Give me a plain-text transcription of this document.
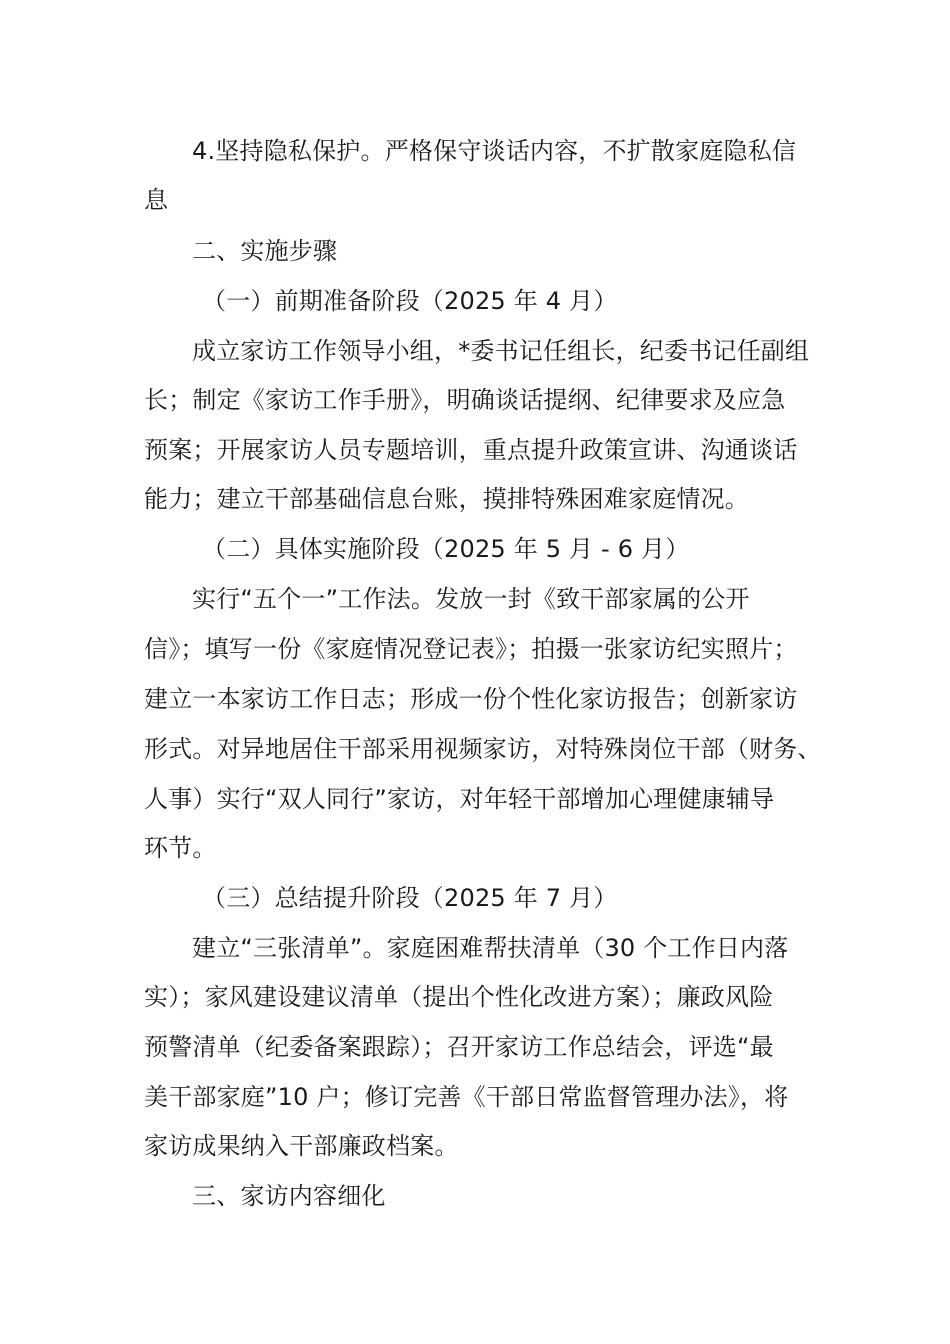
4.坚持隐私保护。严格保守谈话内容，不扩散家庭隐私信
息
二、实施步骤
（一）前期准备阶段（2025 年 4 月）
成立家访工作领导小组，*委书记任组长，纪委书记任副组
长；制定《家访工作手册》，明确谈话提纲、纪律要求及应急
预案；开展家访人员专题培训，重点提升政策宣讲、沟通谈话
能力；建立干部基础信息台账，摸排特殊困难家庭情况。
（二）具体实施阶段（2025 年 5 月 - 6 月）
实行“五个一”工作法。发放一封《致干部家属的公开
信》；填写一份《家庭情况登记表》；拍摄一张家访纪实照片；
建立一本家访工作日志；形成一份个性化家访报告；创新家访
形式。对异地居住干部采用视频家访，对特殊岗位干部（财务、
人事）实行“双人同行”家访，对年轻干部增加心理健康辅导
环节。
（三）总结提升阶段（2025 年 7 月）
建立“三张清单”。家庭困难帮扶清单（30 个工作日内落
实）；家风建设建议清单（提出个性化改进方案）；廉政风险
预警清单（纪委备案跟踪）；召开家访工作总结会，评选“最
美干部家庭”10 户；修订完善《干部日常监督管理办法》，将
家访成果纳入干部廉政档案。
三、家访内容细化
